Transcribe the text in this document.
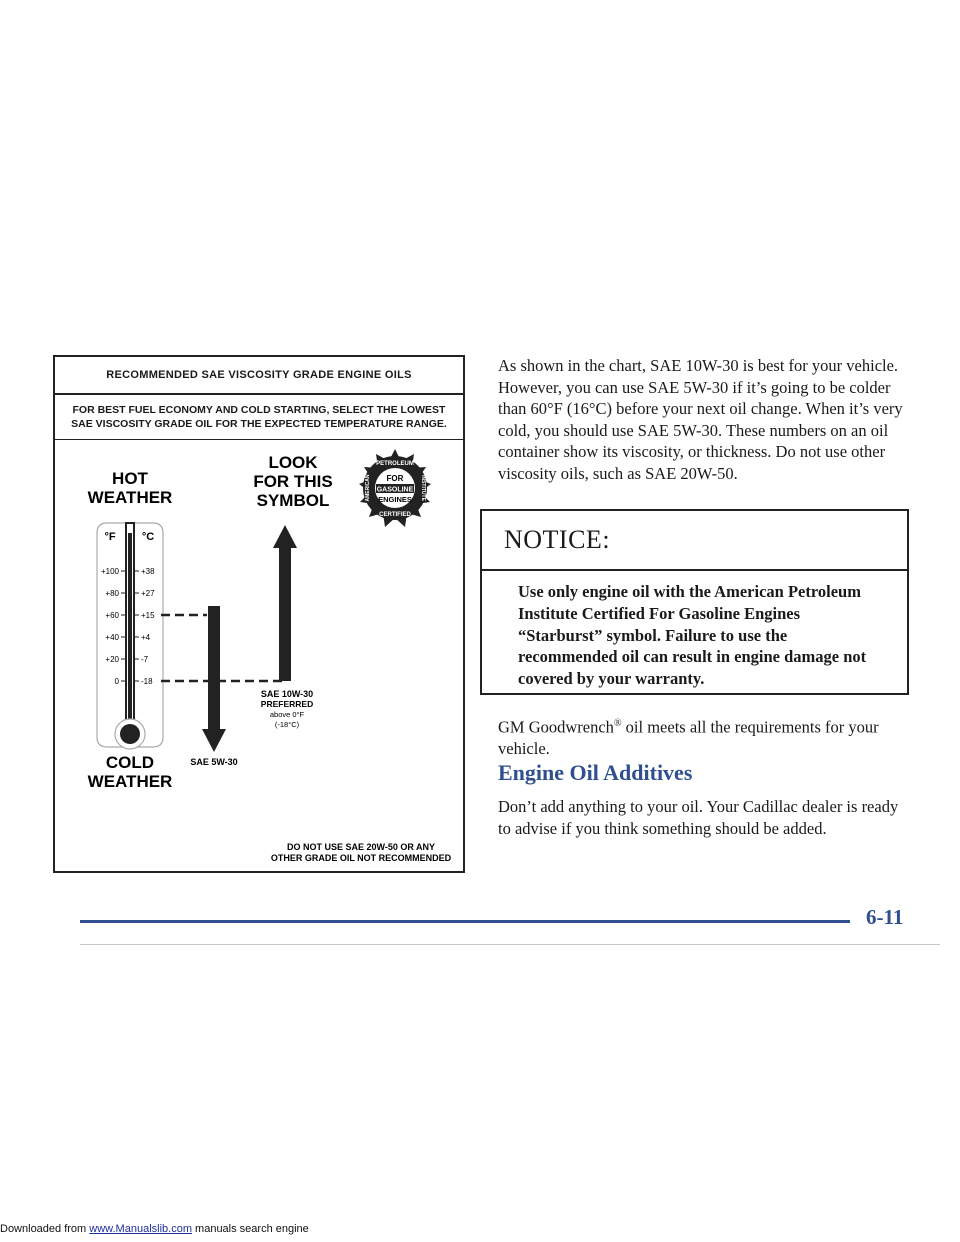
RECOMMENDED SAE VISCOSITY GRADE ENGINE OILS
FOR BEST FUEL ECONOMY AND COLD STARTING, SELECT THE LOWEST
SAE VISCOSITY GRADE OIL FOR THE EXPECTED TEMPERATURE RANGE.
HOT
WEATHER
LOOK
FOR THIS
SYMBOL
PETROLEUM
CERTIFIED
AMERICAN	INSTITUTE
FOR
GASOLINE
ENGINES
°F °C
+100
+80
+60
+40
+20
0
+38
+27
+15
+4
-7
-18
SAE 5W-30
SAE 10W-30
PREFERRED
above 0°F
(-18°C)
COLD
WEATHER
DO NOT USE SAE 20W-50 OR ANY
OTHER GRADE OIL NOT RECOMMENDED

As shown in the chart, SAE 10W-30 is best for your vehicle. However, you can use SAE 5W-30 if it’s going to be colder than 60°F (16°C) before your next oil change. When it’s very cold, you should use SAE 5W-30. These numbers on an oil container show its viscosity, or thickness. Do not use other viscosity oils, such as SAE 20W-50.

NOTICE:
Use only engine oil with the American Petroleum Institute Certified For Gasoline Engines “Starburst” symbol. Failure to use the recommended oil can result in engine damage not covered by your warranty.

GM Goodwrench® oil meets all the requirements for your vehicle.

Engine Oil Additives

Don’t add anything to your oil. Your Cadillac dealer is ready to advise if you think something should be added.

6-11
Downloaded from www.Manualslib.com manuals search engine
